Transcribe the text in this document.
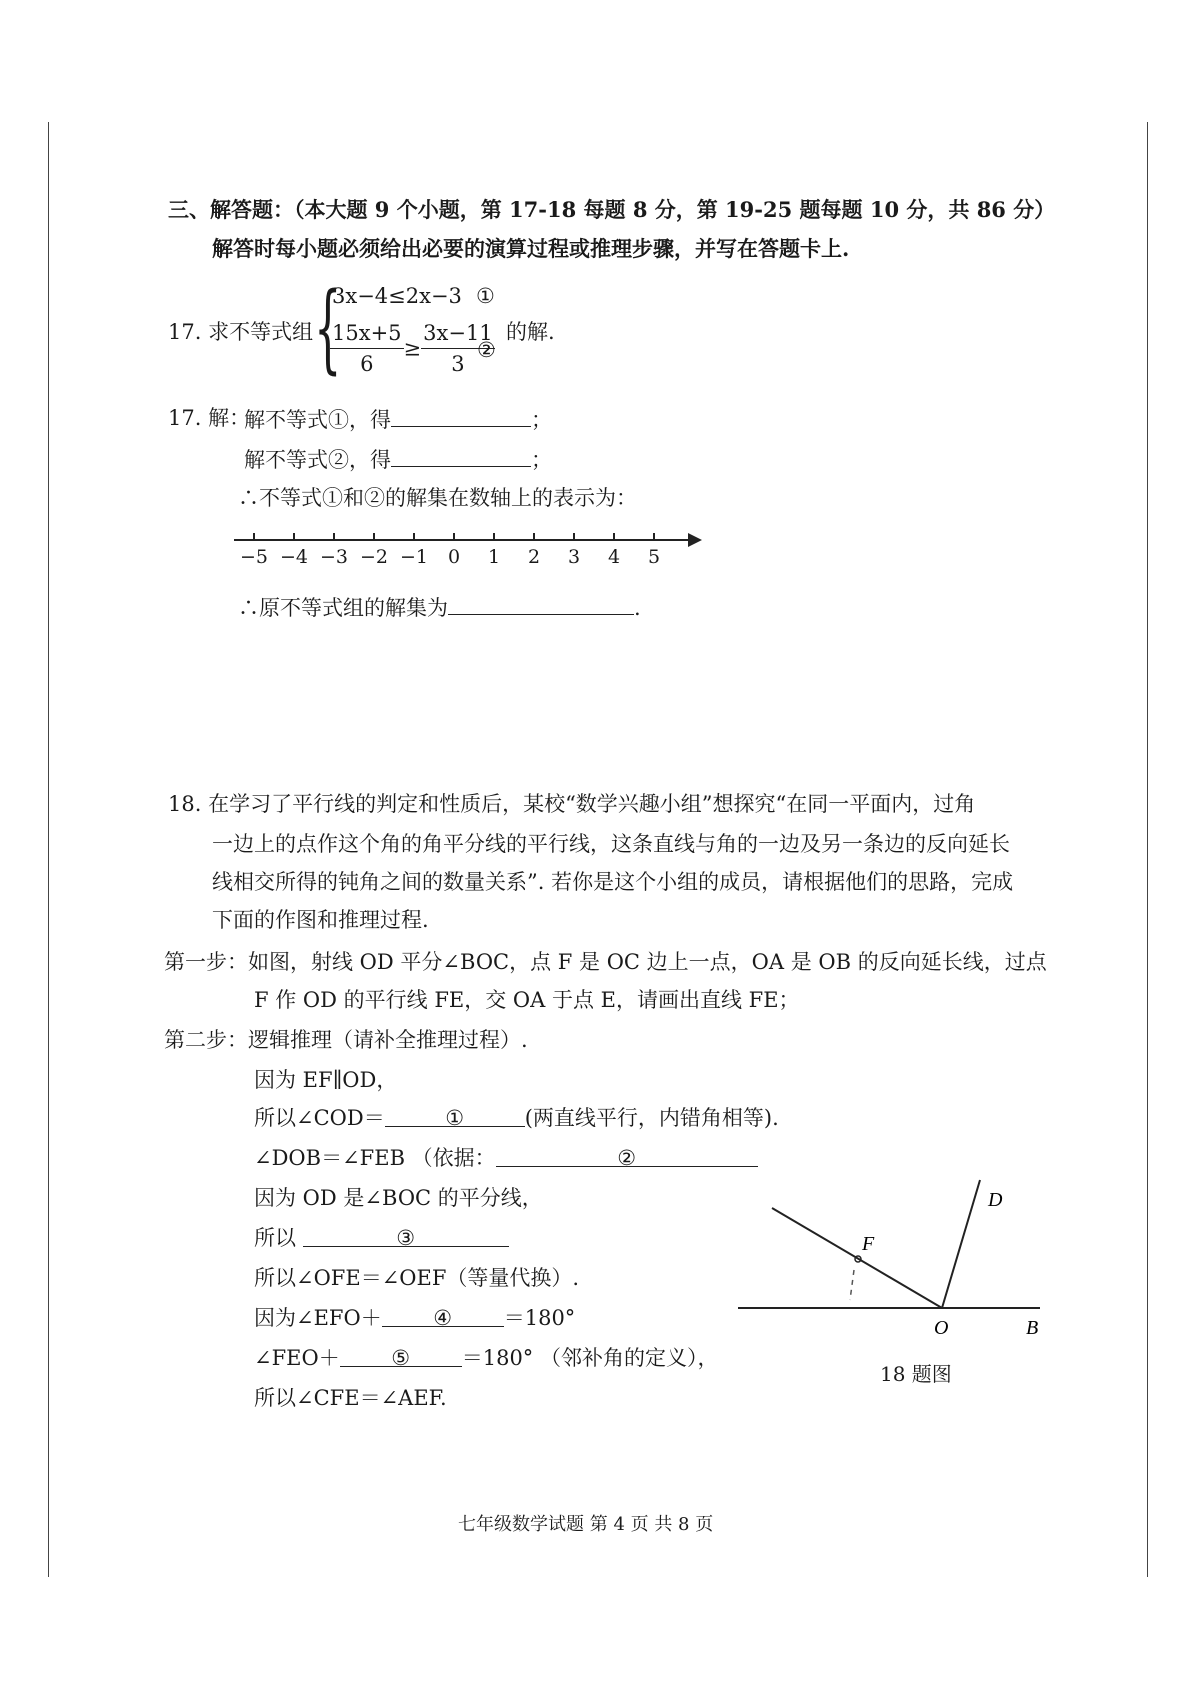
三、解答题：（本大题 9 个小题，第 17-18 每题 8 分，第 19-25 题每题 10 分，共 86 分）
解答时每小题必须给出必要的演算过程或推理步骤，并写在答题卡上.
17. 求不等式组 {
3x−4≤2x−3 ①
$\frac{15x+5}{6} \ge \frac{3x-11}{3}$
②
的解.
17. 解：
解不等式①，得	；
解不等式②，得	；
∴不等式①和②的解集在数轴上的表示为：
−5 −4 −3 −2 −1	0	1	2	3	4	5
∴原不等式组的解集为	.
18. 在学习了平行线的判定和性质后，某校“数学兴趣小组”想探究“在同一平面内，过角
一边上的点作这个角的角平分线的平行线，这条直线与角的一边及另一条边的反向延长
线相交所得的钝角之间的数量关系”. 若你是这个小组的成员，请根据他们的思路，完成
下面的作图和推理过程.
第一步：如图，射线 OD 平分∠BOC，点 F 是 OC 边上一点，OA 是 OB 的反向延长线，过点
F 作 OD 的平行线 FE，交 OA 于点 E，请画出直线 FE；
第二步：逻辑推理（请补全推理过程）.
因为 EF∥OD，
所以∠COD＝	①	(两直线平行，内错角相等).
∠DOB＝∠FEB （依据：	②
因为 OD 是∠BOC 的平分线，
所以	③
所以∠OFE＝∠OEF（等量代换）.
因为∠EFO＋ ④ ＝180°
∠FEO＋ ⑤ ＝180° （邻补角的定义），
所以∠CFE＝∠AEF.
D
F
O	B
18 题图
七年级数学试题 第 4 页 共 8 页
